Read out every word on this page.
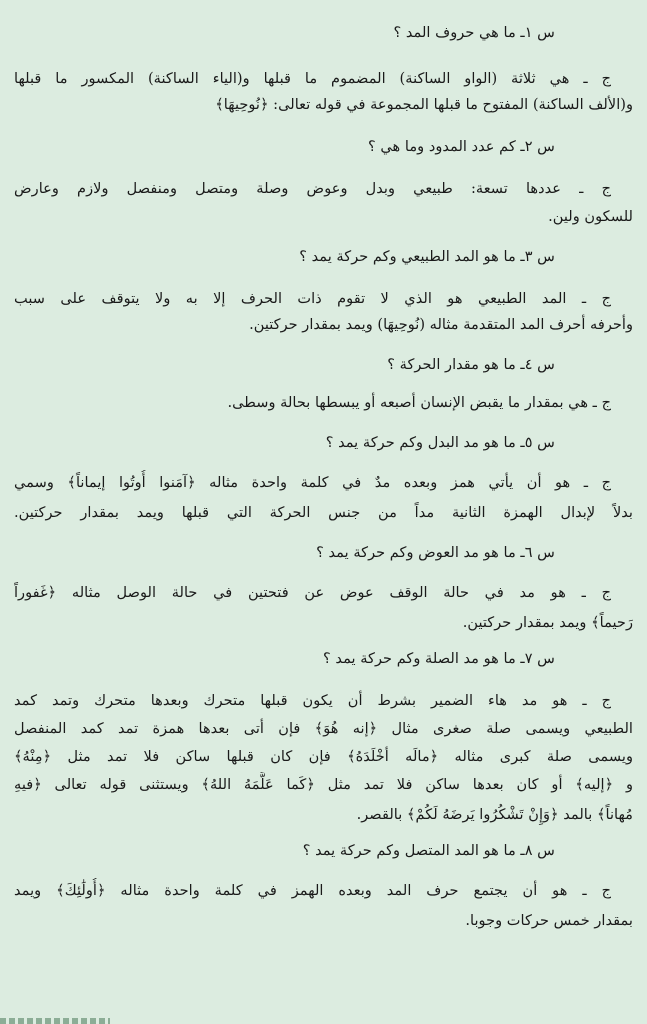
س ١ـ ما هي حروف المد ؟
ج ـ هي ثلاثة (الواو الساكنة) المضموم ما قبلها و(الياء الساكنة) المكسور ما قبلها
و(الألف الساكنة) المفتوح ما قبلها المجموعة في قوله تعالى: ﴿نُوحِيهَا﴾
س ٢ـ كم عدد المدود وما هي ؟
ج ـ عددها تسعة: طبيعي وبدل وعوض وصلة ومتصل ومنفصل ولازم وعارض
للسكون ولين.
س ٣ـ ما هو المد الطبيعي وكم حركة يمد ؟
ج ـ المد الطبيعي هو الذي لا تقوم ذات الحرف إلا به ولا يتوقف على سبب
وأحرفه أحرف المد المتقدمة مثاله (نُوحِيهَا) ويمد بمقدار حركتين.
س ٤ـ ما هو مقدار الحركة ؟
ج ـ هي بمقدار ما يقبض الإنسان أصبعه أو يبسطها بحالة وسطى.
س ٥ـ ما هو مد البدل وكم حركة يمد ؟
ج ـ هو أن يأتي همز وبعده مدٌ في كلمة واحدة مثاله ﴿آمَنوا أُوتُوا إيماناً﴾ وسمي
بدلاً لإبدال الهمزة الثانية مداً من جنس الحركة التي قبلها ويمد بمقدار حركتين.
س ٦ـ ما هو مد العوض وكم حركة يمد ؟
ج ـ هو مد في حالة الوقف عوض عن فتحتين في حالة الوصل مثاله ﴿غَفوراً
رَحيماً﴾ ويمد بمقدار حركتين.
س ٧ـ ما هو مد الصلة وكم حركة يمد ؟
ج ـ هو مد هاء الضمير بشرط أن يكون قبلها متحرك وبعدها متحرك وتمد كمد
الطبيعي ويسمى صلة صغرى مثال ﴿إنه هُوَ﴾ فإن أتى بعدها همزة تمد كمد المنفصل
ويسمى صلة كبرى مثاله ﴿مالَه أخْلَدَهُ﴾ فإن كان قبلها ساكن فلا تمد مثل ﴿مِنْهُ﴾
و ﴿إليه﴾ أو كان بعدها ساكن فلا تمد مثل ﴿كَما عَلَّمَهُ اللهُ﴾ ويستثنى قوله تعالى ﴿فيهِ
مُهاناً﴾ بالمد ﴿وَإِنْ تَشْكُرُوا يَرضَهُ لَكُمْ﴾ بالقصر.
س ٨ـ ما هو المد المتصل وكم حركة يمد ؟
ج ـ هو أن يجتمع حرف المد وبعده الهمز في كلمة واحدة مثاله ﴿أُولَٰئِكَ﴾ ويمد
بمقدار خمس حركات وجوبا.
